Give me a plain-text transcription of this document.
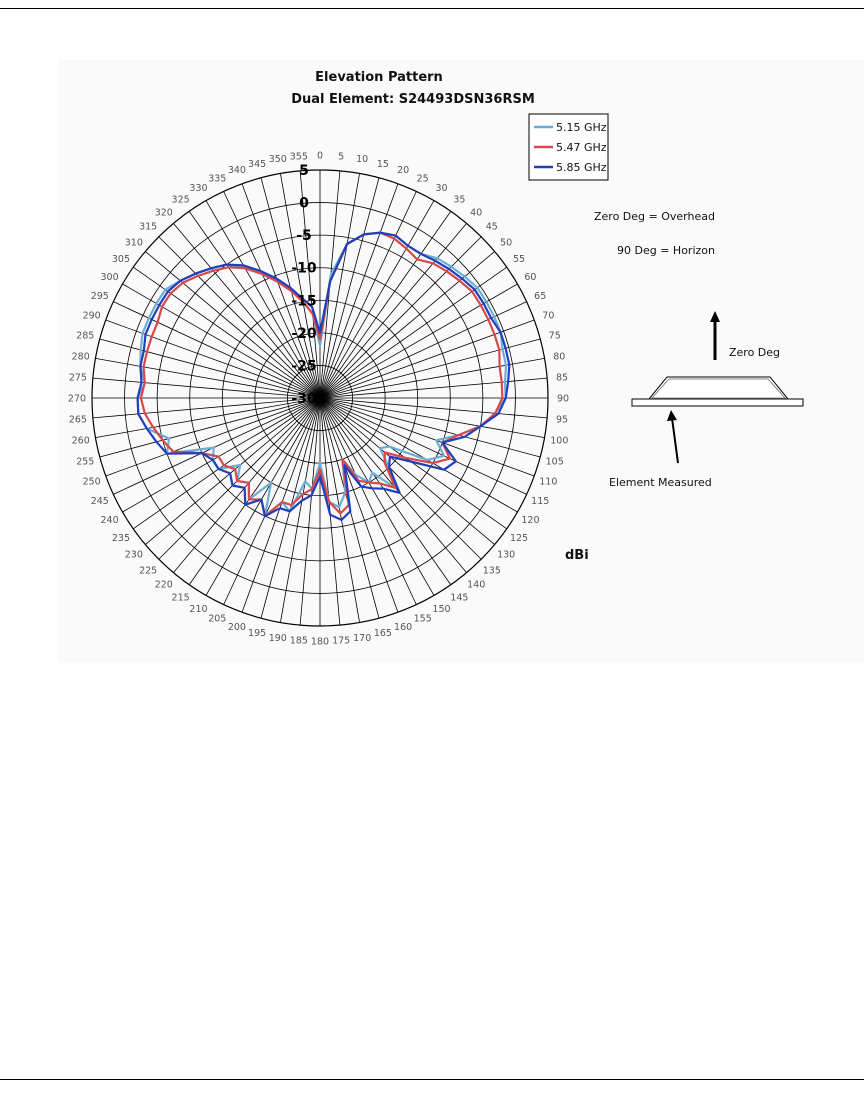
Elevation Pattern
Dual Element: S24493DSN36RSM
0 5 10 15
20
25
30
35
40
45
50
55
60
65
70
75
80
85
90
95
100
105
110
115
120
125
130
135
140
145
150
155
160
165
170
175
180
185
190
195
200
205
210
215
220
225
230
235
240
245
250
255
260
265
270
275
280
285
290
295
300
305
310
315
320
325
330
335
340
345 350 355
5
0
-5
-10
-15
-20
-25
-30
5.15 GHz
5.47 GHz
5.85 GHz
dBi
Zero Deg = Overhead
90 Deg = Horizon
Zero Deg
Element Measured
